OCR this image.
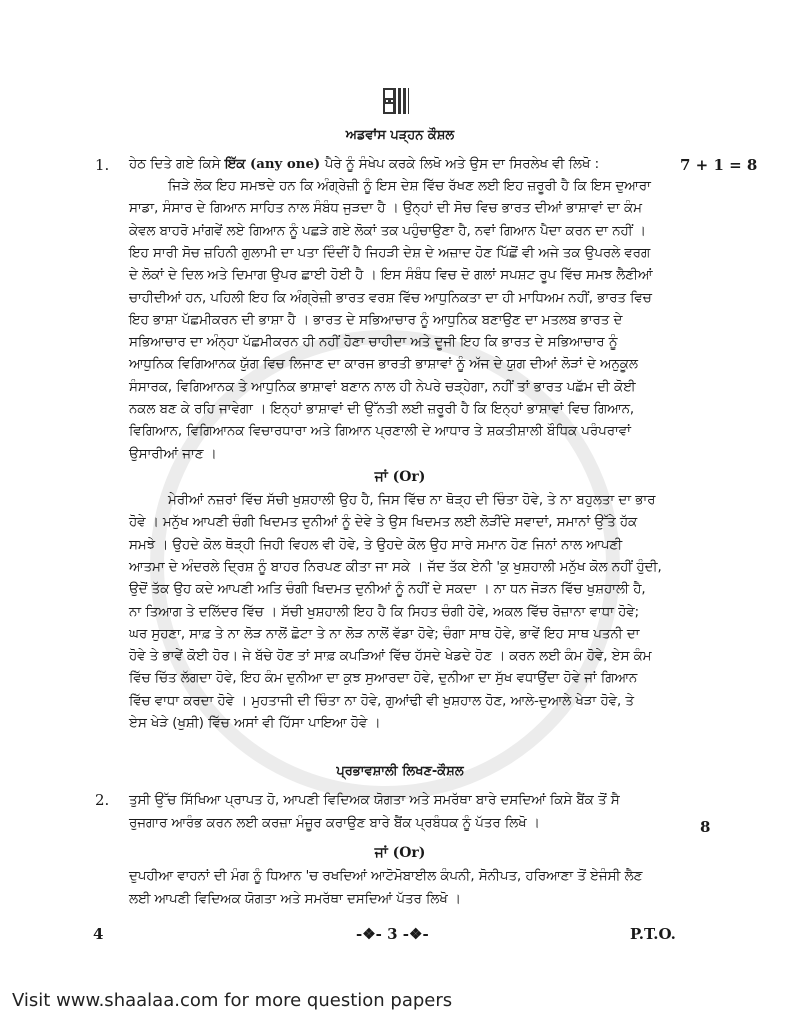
ਅਡਵਾਂਸ ਪੜ੍ਹਨ ਕੌਸ਼ਲ
1. ਹੇਠ ਦਿਤੇ ਗਏ ਕਿਸੇ ਇੱਕ (any one) ਪੈਰੇ ਨੂੰ ਸੰਖੇਪ ਕਰਕੇ ਲਿਖੋ ਅਤੇ ਉਸ ਦਾ ਸਿਰਲੇਖ ਵੀ ਲਿਖੋ :	7 + 1 = 8
ਜਿੜੇ ਲੋਕ ਇਹ ਸਮਝਦੇ ਹਨ ਕਿ ਅੰਗ੍ਰੇਜ਼ੀ ਨੂੰ ਇਸ ਦੇਸ਼ ਵਿੱਚ ਰੱਖਣ ਲਈ ਇਹ ਜ਼ਰੂਰੀ ਹੈ ਕਿ ਇਸ ਦੁਆਰਾ
ਸਾਡਾ, ਸੰਸਾਰ ਦੇ ਗਿਆਨ ਸਾਹਿਤ ਨਾਲ ਸੰਬੰਧ ਜੁੜਦਾ ਹੈ । ਉਨ੍ਹਾਂ ਦੀ ਸੋਚ ਵਿਚ ਭਾਰਤ ਦੀਆਂ ਭਾਸ਼ਾਵਾਂ ਦਾ ਕੰਮ
ਕੇਵਲ ਬਾਹਰੋ ਮਾਂਗਵੇਂ ਲਏ ਗਿਆਨ ਨੂੰ ਪਛੜੇ ਗਏ ਲੋਕਾਂ ਤਕ ਪਹੁੰਚਾਉਣਾ ਹੈ, ਨਵਾਂ ਗਿਆਨ ਪੈਦਾ ਕਰਨ ਦਾ ਨਹੀਂ ।
ਇਹ ਸਾਰੀ ਸੋਚ ਜ਼ਹਿਨੀ ਗੁਲਾਮੀ ਦਾ ਪਤਾ ਦਿੰਦੀਂ ਹੈ ਜਿਹੜੀ ਦੇਸ਼ ਦੇ ਅਜ਼ਾਦ ਹੋਣ ਪਿੱਛੋਂ ਵੀ ਅਜੇ ਤਕ ਉਪਰਲੇ ਵਰਗ
ਦੇ ਲੋਕਾਂ ਦੇ ਦਿਲ ਅਤੇ ਦਿਮਾਗ ਉਪਰ ਛਾਈ ਹੋਈ ਹੈ । ਇਸ ਸੰਬੰਧ ਵਿਚ ਦੋ ਗਲਾਂ ਸਪਸ਼ਟ ਰੂਪ ਵਿੱਚ ਸਮਝ ਲੈਣੀਆਂ
ਚਾਹੀਦੀਆਂ ਹਨ, ਪਹਿਲੀ ਇਹ ਕਿ ਅੰਗ੍ਰੇਜ਼ੀ ਭਾਰਤ ਵਰਸ਼ ਵਿੱਚ ਆਧੁਨਿਕਤਾ ਦਾ ਹੀ ਮਾਧਿਅਮ ਨਹੀਂ, ਭਾਰਤ ਵਿਚ
ਇਹ ਭਾਸ਼ਾ ਪੱਛਮੀਕਰਨ ਦੀ ਭਾਸ਼ਾ ਹੈ । ਭਾਰਤ ਦੇ ਸਭਿਆਚਾਰ ਨੂੰ ਆਧੁਨਿਕ ਬਣਾਉਣ ਦਾ ਮਤਲਬ ਭਾਰਤ ਦੇ
ਸਭਿਆਚਾਰ ਦਾ ਅੰਨ੍ਹਾ ਪੱਛਮੀਕਰਨ ਹੀ ਨਹੀਂ ਹੋਣਾ ਚਾਹੀਦਾ ਅਤੇ ਦੂਜੀ ਇਹ ਕਿ ਭਾਰਤ ਦੇ ਸਭਿਆਚਾਰ ਨੂੰ
ਆਧੁਨਿਕ ਵਿਗਿਆਨਕ ਯੁੱਗ ਵਿਚ ਲਿਜਾਣ ਦਾ ਕਾਰਜ ਭਾਰਤੀ ਭਾਸ਼ਾਵਾਂ ਨੂੰ ਅੱਜ ਦੇ ਯੁਗ ਦੀਆਂ ਲੋੜਾਂ ਦੇ ਅਨੁਕੂਲ
ਸੰਸਾਰਕ, ਵਿਗਿਆਨਕ ਤੇ ਆਧੁਨਿਕ ਭਾਸ਼ਾਵਾਂ ਬਣਾਨ ਨਾਲ ਹੀ ਨੇਪਰੇ ਚੜ੍ਹੇਗਾ, ਨਹੀਂ ਤਾਂ ਭਾਰਤ ਪਛੱਮ ਦੀ ਕੋਈ
ਨਕਲ ਬਣ ਕੇ ਰਹਿ ਜਾਵੇਗਾ । ਇਨ੍ਹਾਂ ਭਾਸ਼ਾਵਾਂ ਦੀ ਉੱਨਤੀ ਲਈ ਜ਼ਰੂਰੀ ਹੈ ਕਿ ਇਨ੍ਹਾਂ ਭਾਸ਼ਾਵਾਂ ਵਿਚ ਗਿਆਨ,
ਵਿਗਿਆਨ, ਵਿਗਿਆਨਕ ਵਿਚਾਰਧਾਰਾ ਅਤੇ ਗਿਆਨ ਪ੍ਰਣਾਲੀ ਦੇ ਆਧਾਰ ਤੇ ਸ਼ਕਤੀਸ਼ਾਲੀ ਬੌਧਿਕ ਪਰੰਪਰਾਵਾਂ
ਉਸਾਰੀਆਂ ਜਾਣ ।
ਜਾਂ (Or)
ਮੇਰੀਆਂ ਨਜ਼ਰਾਂ ਵਿੱਚ ਸੱਚੀ ਖੁਸ਼ਹਾਲੀ ਉਹ ਹੈ, ਜਿਸ ਵਿੱਚ ਨਾ ਥੋੜ੍ਹ ਦੀ ਚਿੰਤਾ ਹੋਵੇ, ਤੇ ਨਾ ਬਹੁਲਤਾ ਦਾ ਭਾਰ
ਹੋਵੇ । ਮਨੁੱਖ ਆਪਣੀ ਚੰਗੀ ਖਿਦਮਤ ਦੁਨੀਆਂ ਨੂੰ ਦੇਵੇ ਤੇ ਉਸ ਖਿਦਮਤ ਲਈ ਲੋੜੀਂਦੇ ਸਵਾਦਾਂ, ਸਮਾਨਾਂ ਉੱਤੇ ਹੱਕ
ਸਮਝੇ । ਉਹਦੇ ਕੋਲ ਥੋੜ੍ਹੀ ਜਿਹੀ ਵਿਹਲ ਵੀ ਹੋਵੇ, ਤੇ ਉਹਦੇ ਕੋਲ ਉਹ ਸਾਰੇ ਸਮਾਨ ਹੋਣ ਜਿਨਾਂ ਨਾਲ ਆਪਣੀ
ਆਤਮਾ ਦੇ ਅੰਦਰਲੇ ਦ੍ਰਿਸ਼ ਨੂੰ ਬਾਹਰ ਨਿਰਪਣ ਕੀਤਾ ਜਾ ਸਕੇ । ਜੱਦ ਤੱਕ ਏਨੀ 'ਕੁ ਖੁਸ਼ਹਾਲੀ ਮਨੁੱਖ ਕੋਲ ਨਹੀਂ ਹੁੰਦੀ,
ਉਦੋਂ ਤੱਕ ਉਹ ਕਦੇ ਆਪਣੀ ਅਤਿ ਚੰਗੀ ਖਿਦਮਤ ਦੁਨੀਆਂ ਨੂੰ ਨਹੀਂ ਦੇ ਸਕਦਾ । ਨਾ ਧਨ ਜੋੜਨ ਵਿੱਚ ਖੁਸ਼ਹਾਲੀ ਹੈ,
ਨਾ ਤਿਆਗ ਤੇ ਦਲਿੱਦਰ ਵਿੱਚ । ਸੱਚੀ ਖੁਸ਼ਹਾਲੀ ਇਹ ਹੈ ਕਿ ਸਿਹਤ ਚੰਗੀ ਹੋਵੇ, ਅਕਲ ਵਿੱਚ ਰੋਜ਼ਾਨਾ ਵਾਧਾ ਹੋਵੇ;
ਘਰ ਸੁਹਣਾ, ਸਾਫ਼ ਤੇ ਨਾ ਲੋੜ ਨਾਲੋਂ ਛੋਟਾ ਤੇ ਨਾ ਲੋੜ ਨਾਲੋਂ ਵੱਡਾ ਹੋਵੇ; ਚੰਗਾ ਸਾਥ ਹੋਵੇ, ਭਾਵੇਂ ਇਹ ਸਾਥ ਪਤਨੀ ਦਾ
ਹੋਵੇ ਤੇ ਭਾਵੇਂ ਕੋਈ ਹੋਰ। ਜੇ ਬੱਚੇ ਹੋਣ ਤਾਂ ਸਾਫ਼ ਕਪੜਿਆਂ ਵਿੱਚ ਹੱਸਦੇ ਖੇਡਦੇ ਹੋਣ । ਕਰਨ ਲਈ ਕੰਮ ਹੋਵੇ, ਏਸ ਕੰਮ
ਵਿੱਚ ਚਿੱਤ ਲੱਗਦਾ ਹੋਵੇ, ਇਹ ਕੰਮ ਦੁਨੀਆ ਦਾ ਕੁਝ ਸੁਆਰਦਾ ਹੋਵੇ, ਦੁਨੀਆ ਦਾ ਸੁੱਖ ਵਧਾਉਂਦਾ ਹੋਵੇ ਜਾਂ ਗਿਆਨ
ਵਿੱਚ ਵਾਧਾ ਕਰਦਾ ਹੋਵੇ । ਮੁਹਤਾਜੀ ਦੀ ਚਿੰਤਾ ਨਾ ਹੋਵੇ, ਗੁਆਂਢੀ ਵੀ ਖੁਸ਼ਹਾਲ ਹੋਣ, ਆਲੇ-ਦੁਆਲੇ ਖੇੜਾ ਹੋਵੇ, ਤੇ
ਏਸ ਖੇੜੇ (ਖੁਸ਼ੀ) ਵਿੱਚ ਅਸਾਂ ਵੀ ਹਿੱਸਾ ਪਾਇਆ ਹੋਵੇ ।
ਪ੍ਰਭਾਵਸ਼ਾਲੀ ਲਿਖਣ-ਕੌਸ਼ਲ
2. ਤੁਸੀ ਉੱਚ ਸਿੱਖਿਆ ਪ੍ਰਾਪਤ ਹੋ, ਆਪਣੀ ਵਿਦਿਅਕ ਯੋਗਤਾ ਅਤੇ ਸਮਰੱਥਾ ਬਾਰੇ ਦਸਦਿਆਂ ਕਿਸੇ ਬੈਂਕ ਤੋਂ ਸੈ
ਰੁਜਗਾਰ ਆਰੰਭ ਕਰਨ ਲਈ ਕਰਜ਼ਾ ਮੰਜ਼ੂਰ ਕਰਾਉਣ ਬਾਰੇ ਬੈਂਕ ਪ੍ਰਬੰਧਕ ਨੂੰ ਪੱਤਰ ਲਿਖੋ ।	8
ਜਾਂ (Or)
ਦੁਪਹੀਆ ਵਾਹਨਾਂ ਦੀ ਮੰਗ ਨੂੰ ਧਿਆਨ 'ਚ ਰਖਦਿਆਂ ਆਟੋਮੋਬਾਈਲ ਕੰਪਨੀ, ਸੋਨੀਪਤ, ਹਰਿਆਣਾ ਤੋਂ ਏਜੰਸੀ ਲੈਣ
ਲਈ ਆਪਣੀ ਵਿਦਿਅਕ ਯੋਗਤਾ ਅਤੇ ਸਮਰੱਥਾ ਦਸਦਿਆਂ ਪੱਤਰ ਲਿਖੋ ।
4	-❖- 3 -❖-	P.T.O.
Visit www.shaalaa.com for more question papers
